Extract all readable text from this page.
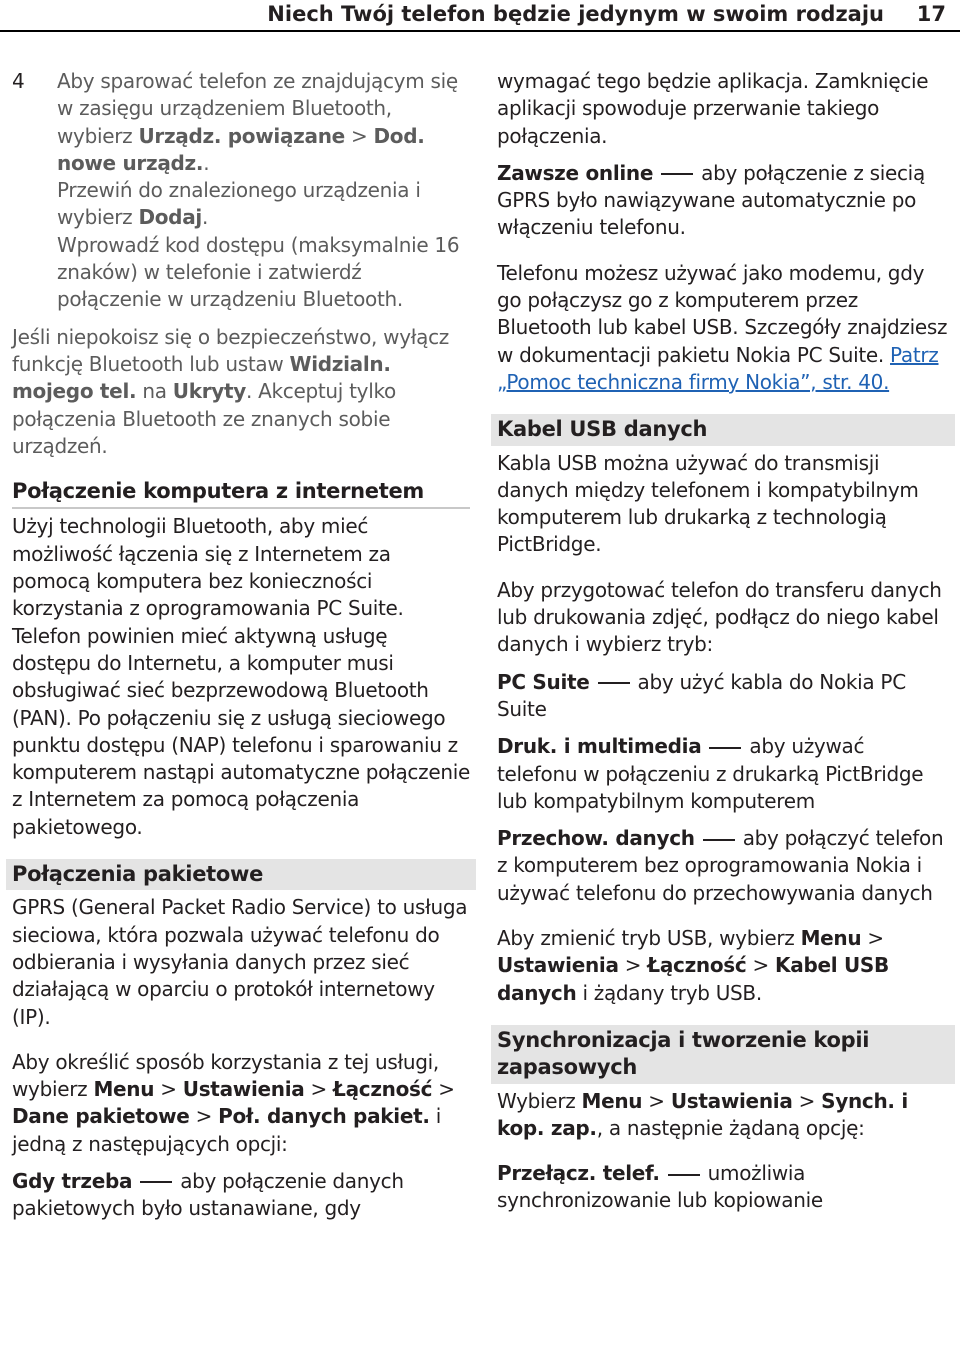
Niech Twój telefon będzie jedynym w swoim rodzaju 17
4 Aby sparować telefon ze znajdującym się w zasięgu urządzeniem Bluetooth, wybierz Urządz. powiązane > Dod. nowe urządz..

Przewiń do znalezionego urządzenia i wybierz Dodaj.

Wprowadź kod dostępu (maksymalnie 16 znaków) w telefonie i zatwierdź połączenie w urządzeniu Bluetooth.

Jeśli niepokoisz się o bezpieczeństwo, wyłącz funkcję Bluetooth lub ustaw Widzialn. mojego tel. na Ukryty. Akceptuj tylko połączenia Bluetooth ze znanych sobie urządzeń.

Połączenie komputera z internetem

Użyj technologii Bluetooth, aby mieć możliwość łączenia się z Internetem za pomocą komputera bez konieczności korzystania z oprogramowania PC Suite. Telefon powinien mieć aktywną usługę dostępu do Internetu, a komputer musi obsługiwać sieć bezprzewodową Bluetooth (PAN). Po połączeniu się z usługą sieciowego punktu dostępu (NAP) telefonu i sparowaniu z komputerem nastąpi automatyczne połączenie z Internetem za pomocą połączenia pakietowego.

Połączenia pakietowe

GPRS (General Packet Radio Service) to usługa sieciowa, która pozwala używać telefonu do odbierania i wysyłania danych przez sieć działającą w oparciu o protokół internetowy (IP).

Aby określić sposób korzystania z tej usługi, wybierz Menu > Ustawienia > Łączność > Dane pakietowe > Poł. danych pakiet. i jedną z następujących opcji:

Gdy trzeba aby połączenie danych pakietowych było ustanawiane, gdy

wymagać tego będzie aplikacja. Zamknięcie aplikacji spowoduje przerwanie takiego połączenia.

Zawsze online aby połączenie z siecią GPRS było nawiązywane automatycznie po włączeniu telefonu.

Telefonu możesz używać jako modemu, gdy go połączysz go z komputerem przez Bluetooth lub kabel USB. Szczegóły znajdziesz w dokumentacji pakietu Nokia PC Suite. Patrz „Pomoc techniczna firmy Nokia”, str. 40.

Kabel USB danych

Kabla USB można używać do transmisji danych między telefonem i kompatybilnym komputerem lub drukarką z technologią PictBridge.

Aby przygotować telefon do transferu danych lub drukowania zdjęć, podłącz do niego kabel danych i wybierz tryb:

PC Suite aby użyć kabla do Nokia PC Suite

Druk. i multimedia aby używać telefonu w połączeniu z drukarką PictBridge lub kompatybilnym komputerem

Przechow. danych aby połączyć telefon z komputerem bez oprogramowania Nokia i używać telefonu do przechowywania danych

Aby zmienić tryb USB, wybierz Menu > Ustawienia > Łączność > Kabel USB danych i żądany tryb USB.

Synchronizacja i tworzenie kopii zapasowych

Wybierz Menu > Ustawienia > Synch. i kop. zap., a następnie żądaną opcję:

Przełącz. telef. umożliwia synchronizowanie lub kopiowanie
